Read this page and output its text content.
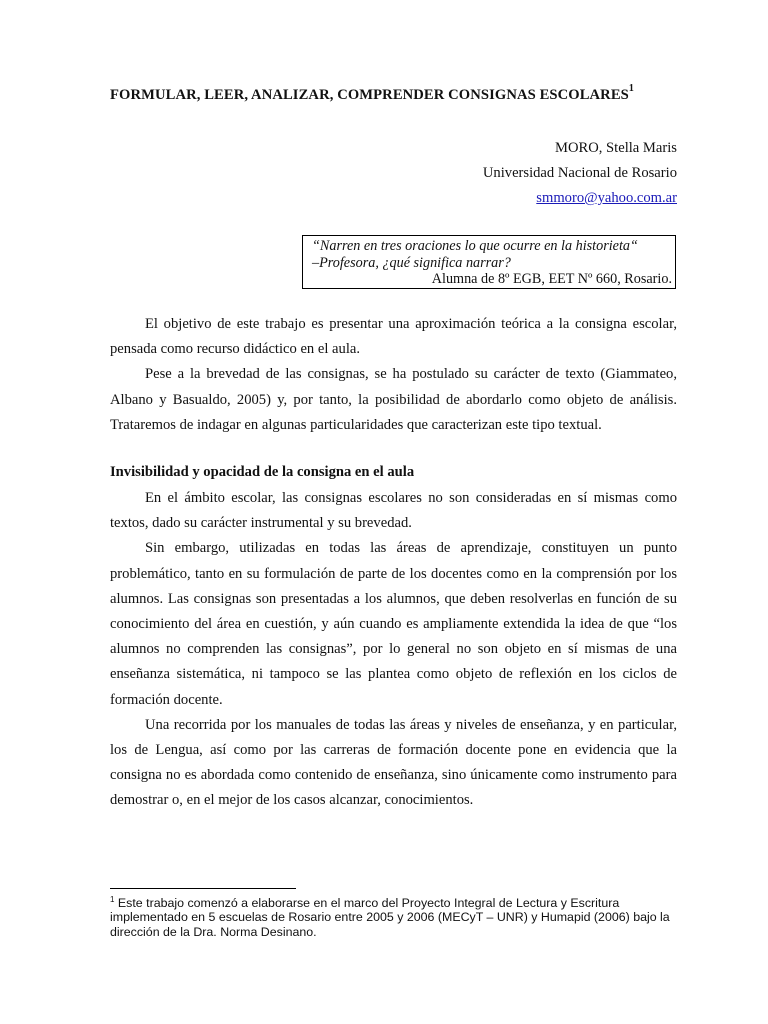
FORMULAR, LEER, ANALIZAR, COMPRENDER CONSIGNAS ESCOLARES$^1$
MORO, Stella Maris
Universidad Nacional de Rosario
smmoro@yahoo.com.ar
“Narren en tres oraciones lo que ocurre en la historieta“
–Profesora, ¿qué significa narrar?
Alumna de 8º EGB, EET Nº 660, Rosario.

El objetivo de este trabajo es presentar una aproximación teórica a la consigna escolar, pensada como recurso didáctico en el aula.

Pese a la brevedad de las consignas, se ha postulado su carácter de texto (Giammateo, Albano y Basualdo, 2005) y, por tanto, la posibilidad de abordarlo como objeto de análisis. Trataremos de indagar en algunas particularidades que caracterizan este tipo textual.

Invisibilidad y opacidad de la consigna en el aula

En el ámbito escolar, las consignas escolares no son consideradas en sí mismas como textos, dado su carácter instrumental y su brevedad.

Sin embargo, utilizadas en todas las áreas de aprendizaje, constituyen un punto problemático, tanto en su formulación de parte de los docentes como en la comprensión por los alumnos. Las consignas son presentadas a los alumnos, que deben resolverlas en función de su conocimiento del área en cuestión, y aún cuando es ampliamente extendida la idea de que “los alumnos no comprenden las consignas”, por lo general no son objeto en sí mismas de una enseñanza sistemática, ni tampoco se las plantea como objeto de reflexión en los ciclos de formación docente.

Una recorrida por los manuales de todas las áreas y niveles de enseñanza, y en particular, los de Lengua, así como por las carreras de formación docente pone en evidencia que la consigna no es abordada como contenido de enseñanza, sino únicamente como instrumento para demostrar o, en el mejor de los casos alcanzar, conocimientos.

$^1$ Este trabajo comenzó a elaborarse en el marco del Proyecto Integral de Lectura y Escritura implementado en 5 escuelas de Rosario entre 2005 y 2006 (MECyT – UNR) y Humapid (2006) bajo la dirección de la Dra. Norma Desinano.
